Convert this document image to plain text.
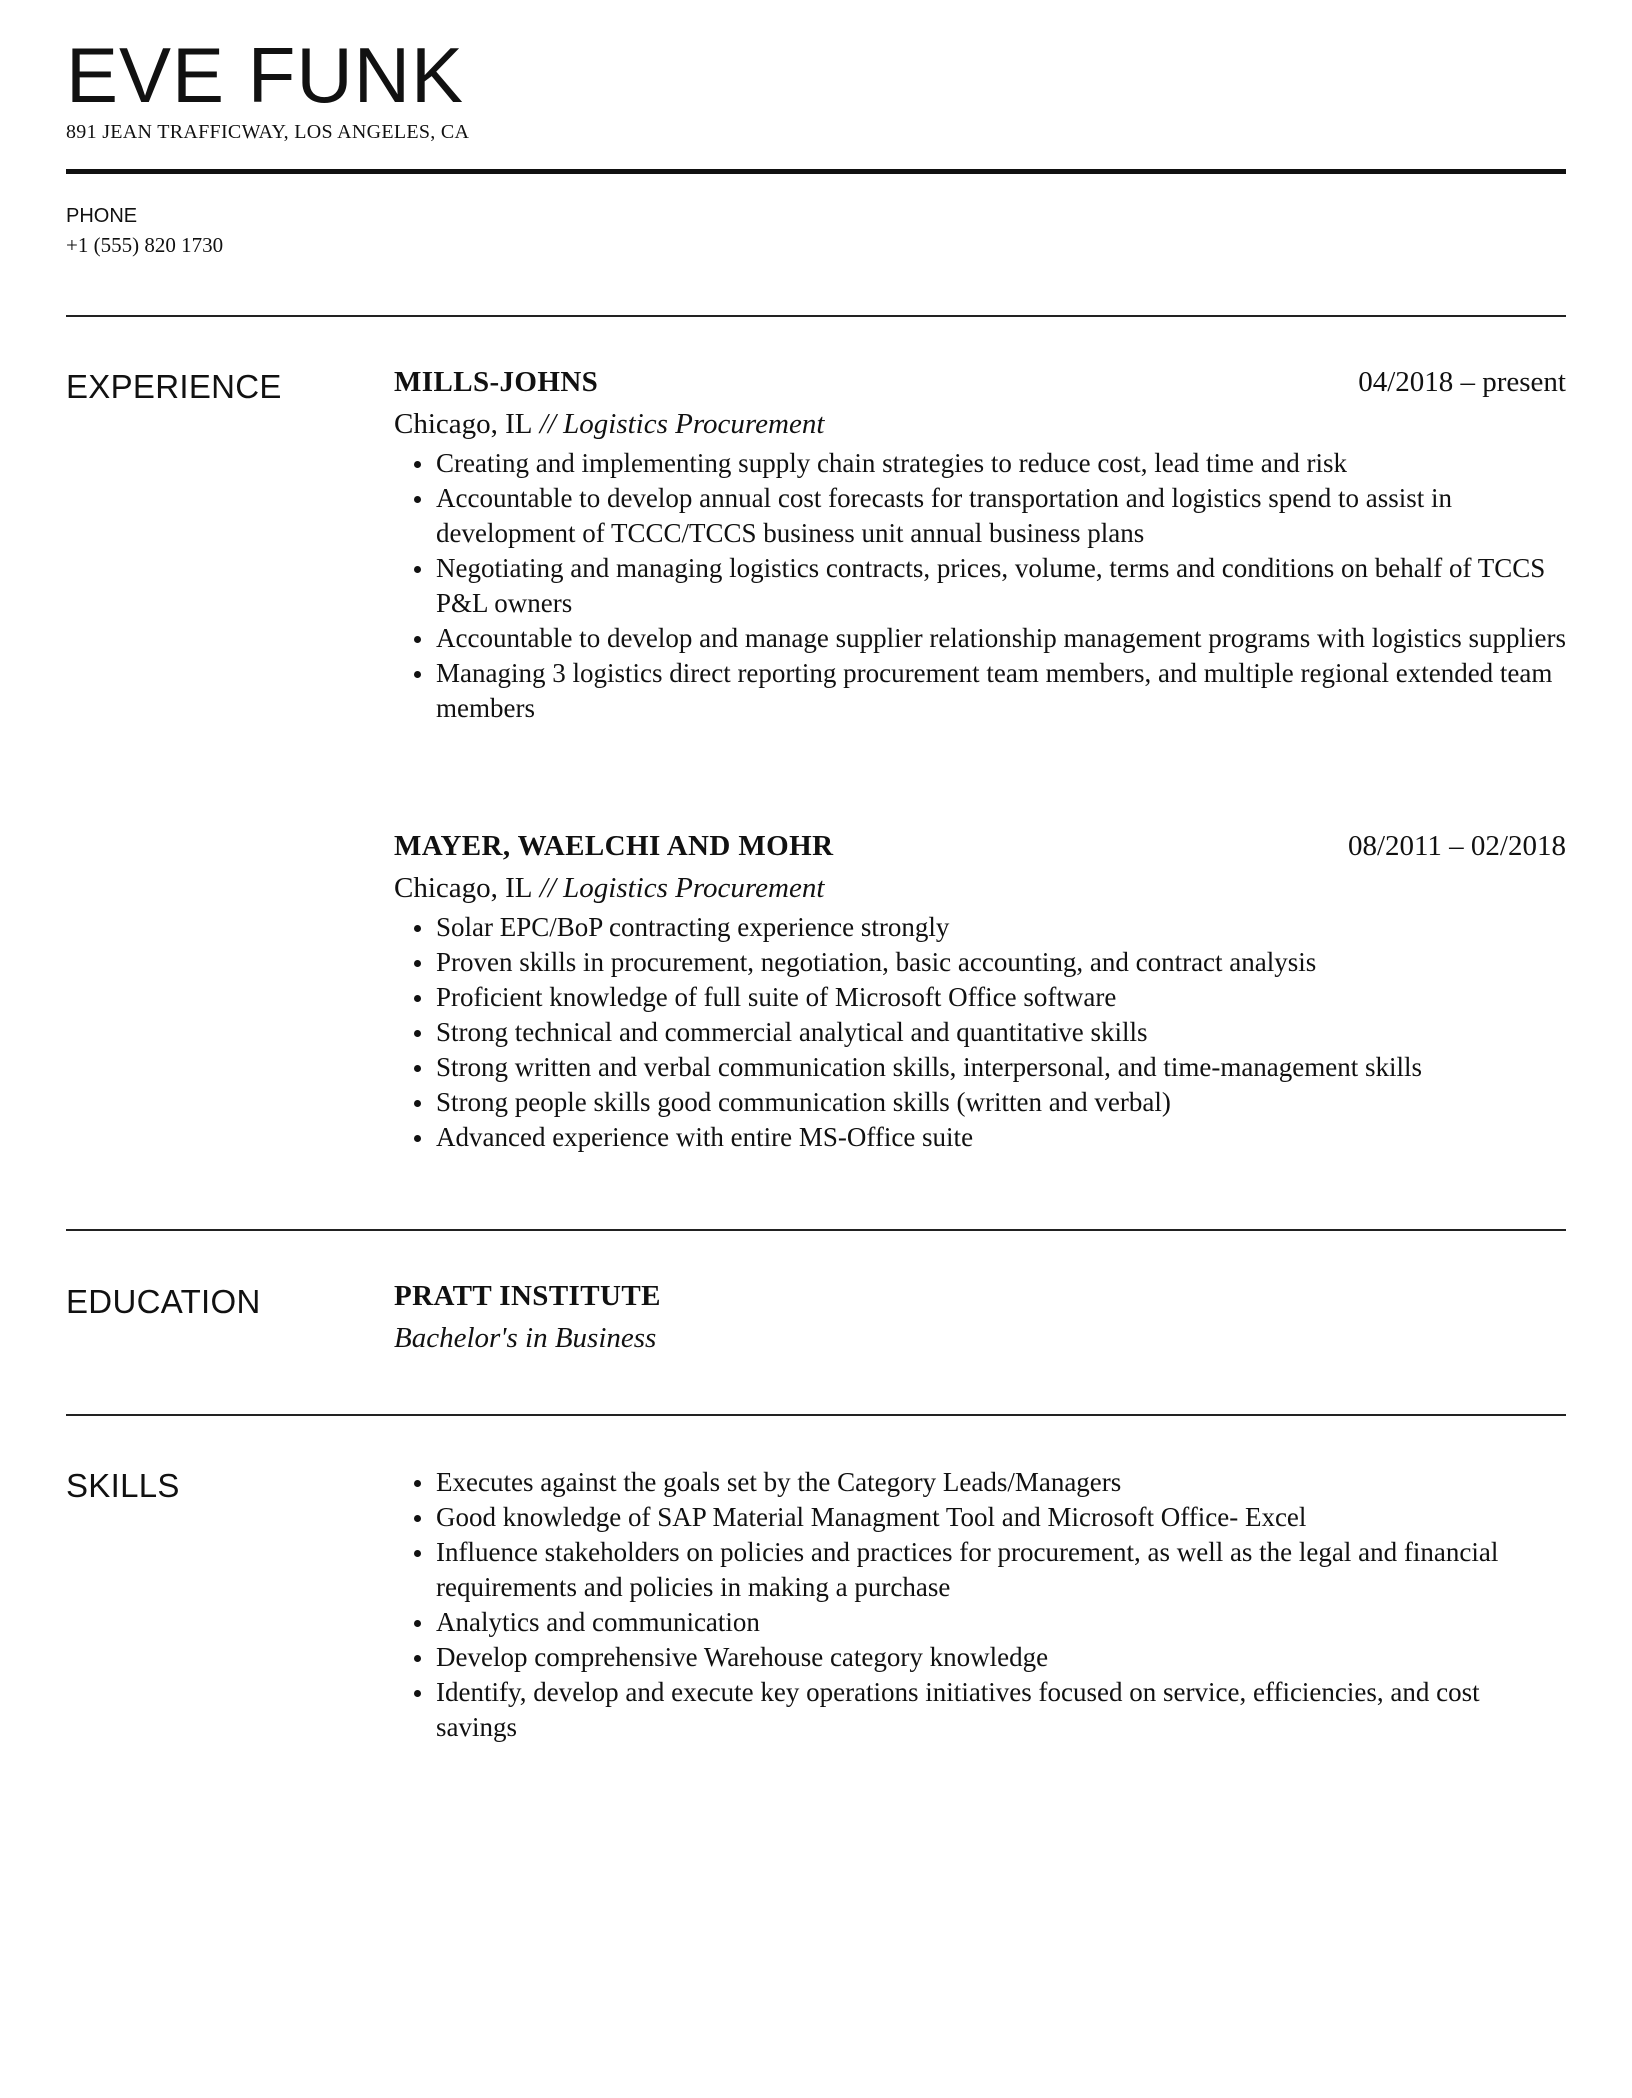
EVE FUNK
891 JEAN TRAFFICWAY, LOS ANGELES, CA
PHONE
+1 (555) 820 1730
EXPERIENCE	MILLS-JOHNS	04/2018 – present
Chicago, IL // Logistics Procurement
Creating and implementing supply chain strategies to reduce cost, lead time and risk
Accountable to develop annual cost forecasts for transportation and logistics spend to assist in development of TCCC/TCCS business unit annual business plans
Negotiating and managing logistics contracts, prices, volume, terms and conditions on behalf of TCCS P&L owners
Accountable to develop and manage supplier relationship management programs with logistics suppliers
Managing 3 logistics direct reporting procurement team members, and multiple regional extended team members
MAYER, WAELCHI AND MOHR	08/2011 – 02/2018
Chicago, IL // Logistics Procurement
Solar EPC/BoP contracting experience strongly
Proven skills in procurement, negotiation, basic accounting, and contract analysis
Proficient knowledge of full suite of Microsoft Office software
Strong technical and commercial analytical and quantitative skills
Strong written and verbal communication skills, interpersonal, and time-management skills
Strong people skills good communication skills (written and verbal)
Advanced experience with entire MS-Office suite
EDUCATION	PRATT INSTITUTE
Bachelor's in Business
SKILLS	Executes against the goals set by the Category Leads/Managers
Good knowledge of SAP Material Managment Tool and Microsoft Office- Excel
Influence stakeholders on policies and practices for procurement, as well as the legal and financial requirements and policies in making a purchase
Analytics and communication
Develop comprehensive Warehouse category knowledge
Identify, develop and execute key operations initiatives focused on service, efficiencies, and cost savings
